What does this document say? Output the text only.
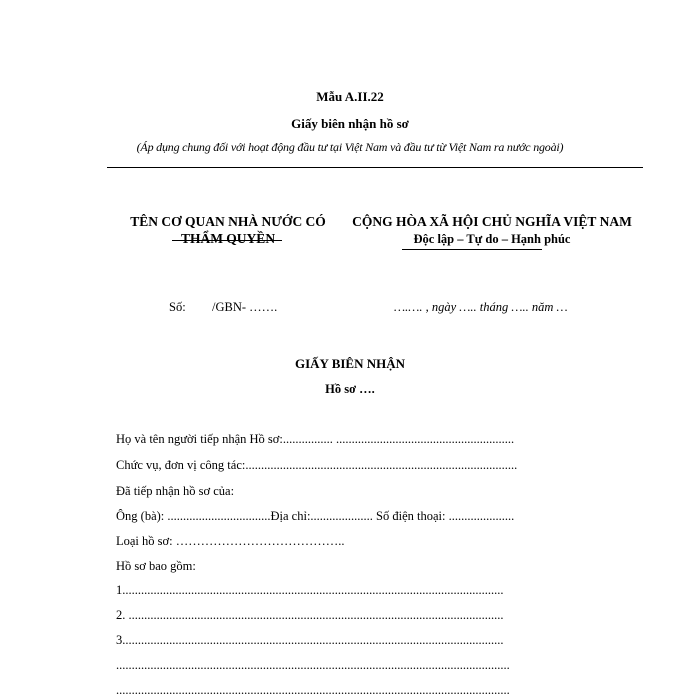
Mẫu A.II.22
Giấy biên nhận hồ sơ
(Áp dụng chung đối với hoạt động đầu tư tại Việt Nam và đầu tư từ Việt Nam ra nước ngoài)
TÊN CƠ QUAN NHÀ NƯỚC CÓ
THẨM QUYỀN
CỘNG HÒA XÃ HỘI CHỦ NGHĨA VIỆT NAM
Độc lập – Tự do – Hạnh phúc
Số: /GBN- …….	….…. , ngày ….. tháng ….. năm …
GIẤY BIÊN NHẬN
Hồ sơ ….
Họ và tên người tiếp nhận Hồ sơ:................ .........................................................
Chức vụ, đơn vị công tác:.......................................................................................
Đã tiếp nhận hồ sơ của:
Ông (bà): .................................Địa chỉ:.................... Số điện thoại: .....................
Loại hồ sơ: …………………………………..
Hồ sơ bao gồm:
1..........................................................................................................................
2. ........................................................................................................................
3..........................................................................................................................
..............................................................................................................................
..............................................................................................................................
